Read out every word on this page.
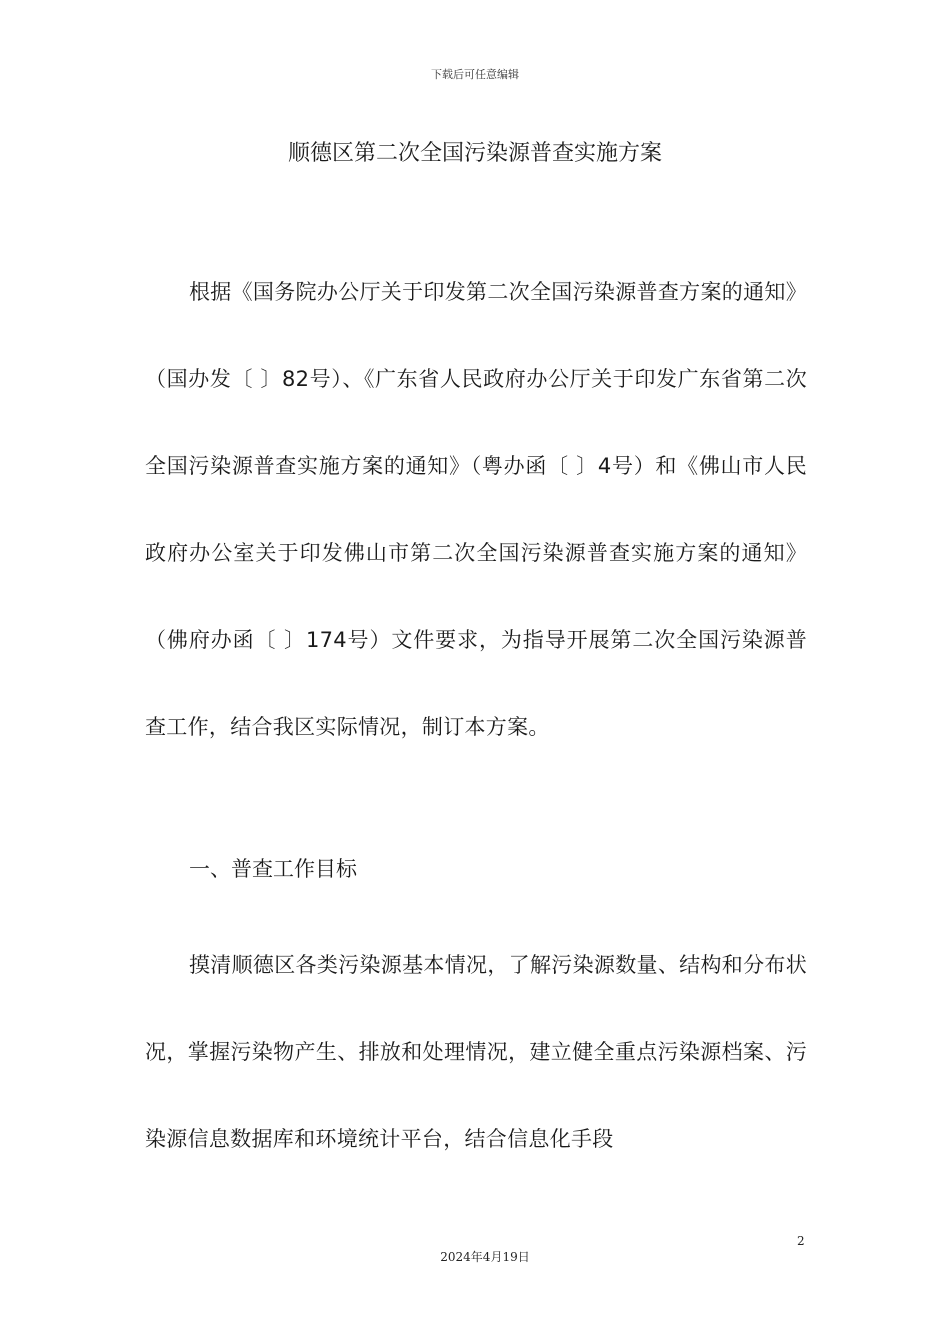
下载后可任意编辑
顺德区第二次全国污染源普查实施方案

根据《国务院办公厅关于印发第二次全国污染源普查方案的通知》（国办发〔 〕82号）、《广东省人民政府办公厅关于印发广东省第二次全国污染源普查实施方案的通知》（粤办函〔 〕4号）和《佛山市人民政府办公室关于印发佛山市第二次全国污染源普查实施方案的通知》（佛府办函〔 〕174号）文件要求，为指导开展第二次全国污染源普查工作，结合我区实际情况，制订本方案。

一、普查工作目标

摸清顺德区各类污染源基本情况，了解污染源数量、结构和分布状况，掌握污染物产生、排放和处理情况，建立健全重点污染源档案、污染源信息数据库和环境统计平台，结合信息化手段

2
2024年4月19日
